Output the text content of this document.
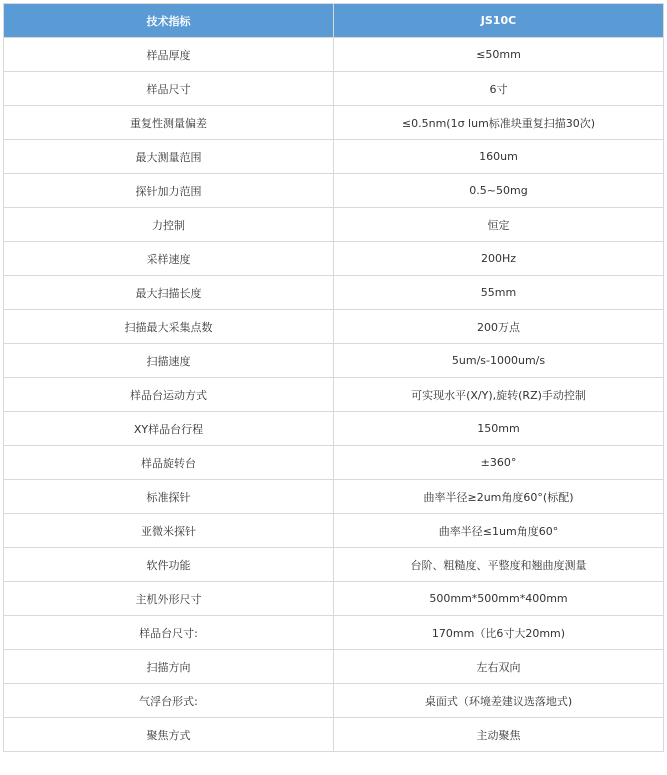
技术指标	JS10C
样品厚度	≤50mm
样品尺寸	6寸
重复性测量偏差	≤0.5nm(1σ lum标准块重复扫描30次)
最大测量范围	160um
探针加力范围	0.5~50mg
力控制	恒定
采样速度	200Hz
最大扫描长度	55mm
扫描最大采集点数	200万点
扫描速度	5um/s-1000um/s
样品台运动方式	可实现水平(X/Y),旋转(RZ)手动控制
XY样品台行程	150mm
样品旋转台	±360°
标准探针	曲率半径≥2um角度60°(标配)
亚微米探针	曲率半径≤1um角度60°
软件功能	台阶、粗糙度、平整度和翘曲度测量
主机外形尺寸	500mm*500mm*400mm
样品台尺寸:	170mm（比6寸大20mm)
扫描方向	左右双向
气浮台形式:	桌面式（环境差建议选落地式)
聚焦方式	主动聚焦
